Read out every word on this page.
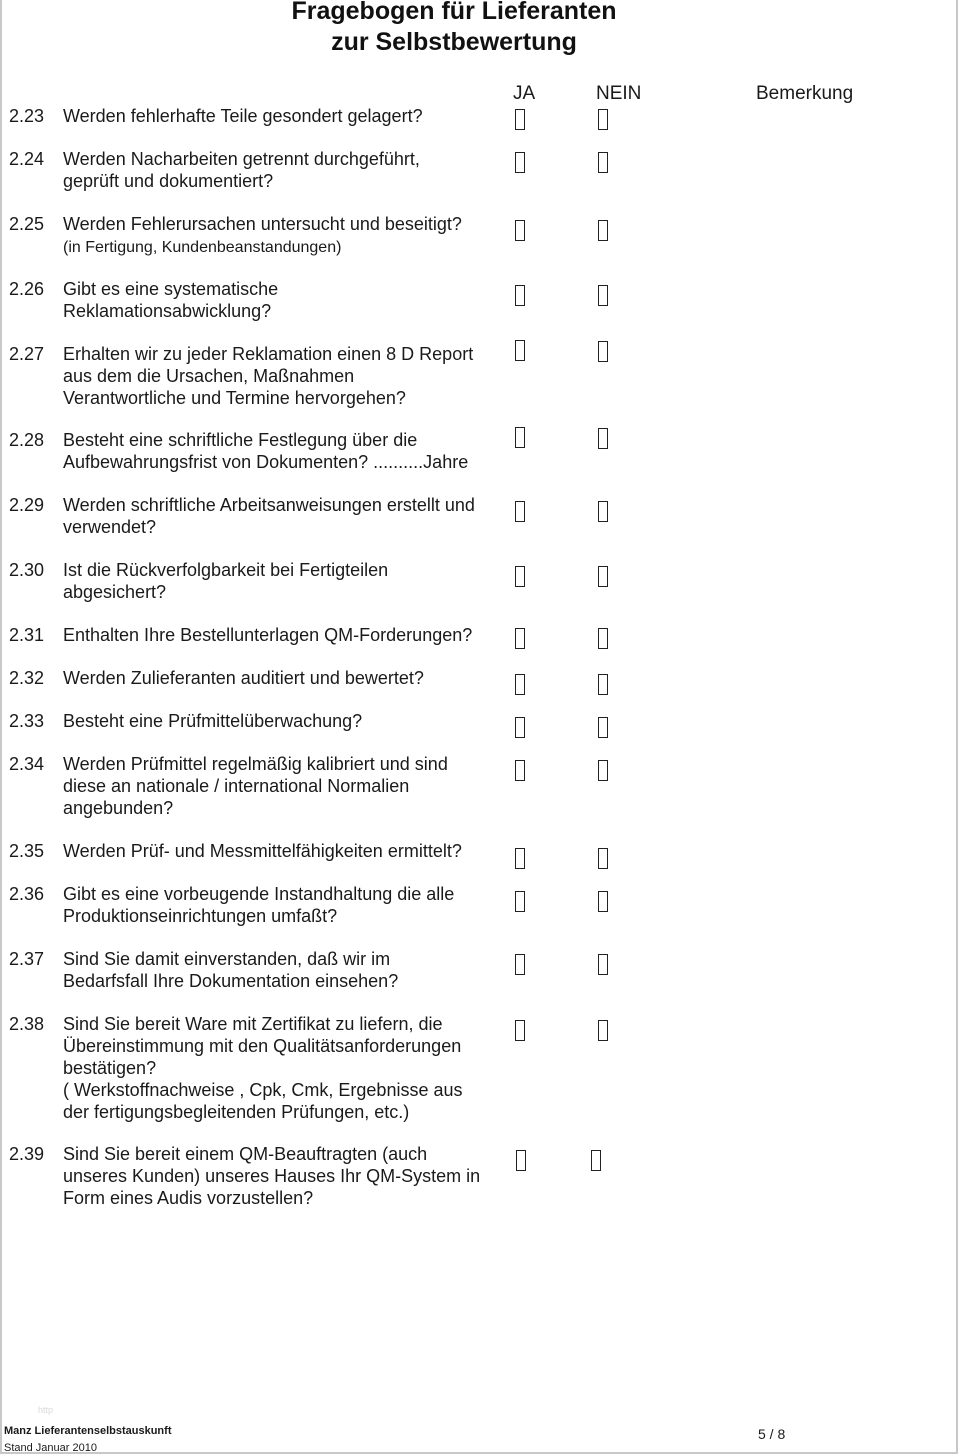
Fragebogen für Lieferanten
zur Selbstbewertung
JA	NEIN	Bemerkung
2.23 Werden fehlerhafte Teile gesondert gelagert?
2.24 Werden Nacharbeiten getrennt durchgeführt,
geprüft und dokumentiert?
2.25 Werden Fehlerursachen untersucht und beseitigt?
(in Fertigung, Kundenbeanstandungen)
2.26 Gibt es eine systematische
Reklamationsabwicklung?
2.27 Erhalten wir zu jeder Reklamation einen 8 D Report
aus dem die Ursachen, Maßnahmen
Verantwortliche und Termine hervorgehen?
2.28 Besteht eine schriftliche Festlegung über die
Aufbewahrungsfrist von Dokumenten? ..........Jahre
2.29 Werden schriftliche Arbeitsanweisungen erstellt und
verwendet?
2.30 Ist die Rückverfolgbarkeit bei Fertigteilen
abgesichert?
2.31 Enthalten Ihre Bestellunterlagen QM-Forderungen?
2.32 Werden Zulieferanten auditiert und bewertet?
2.33 Besteht eine Prüfmittelüberwachung?
2.34 Werden Prüfmittel regelmäßig kalibriert und sind
diese an nationale / international Normalien
angebunden?
2.35 Werden Prüf- und Messmittelfähigkeiten ermittelt?
2.36 Gibt es eine vorbeugende Instandhaltung die alle
Produktionseinrichtungen umfaßt?
2.37 Sind Sie damit einverstanden, daß wir im
Bedarfsfall Ihre Dokumentation einsehen?
2.38 Sind Sie bereit Ware mit Zertifikat zu liefern, die
Übereinstimmung mit den Qualitätsanforderungen
bestätigen?
( Werkstoffnachweise , Cpk, Cmk, Ergebnisse aus
der fertigungsbegleitenden Prüfungen, etc.)
2.39 Sind Sie bereit einem QM-Beauftragten (auch
unseres Kunden) unseres Hauses Ihr QM-System in
Form eines Audis vorzustellen?
http
Manz Lieferantenselbstauskunft
Stand Januar 2010
5 / 8
